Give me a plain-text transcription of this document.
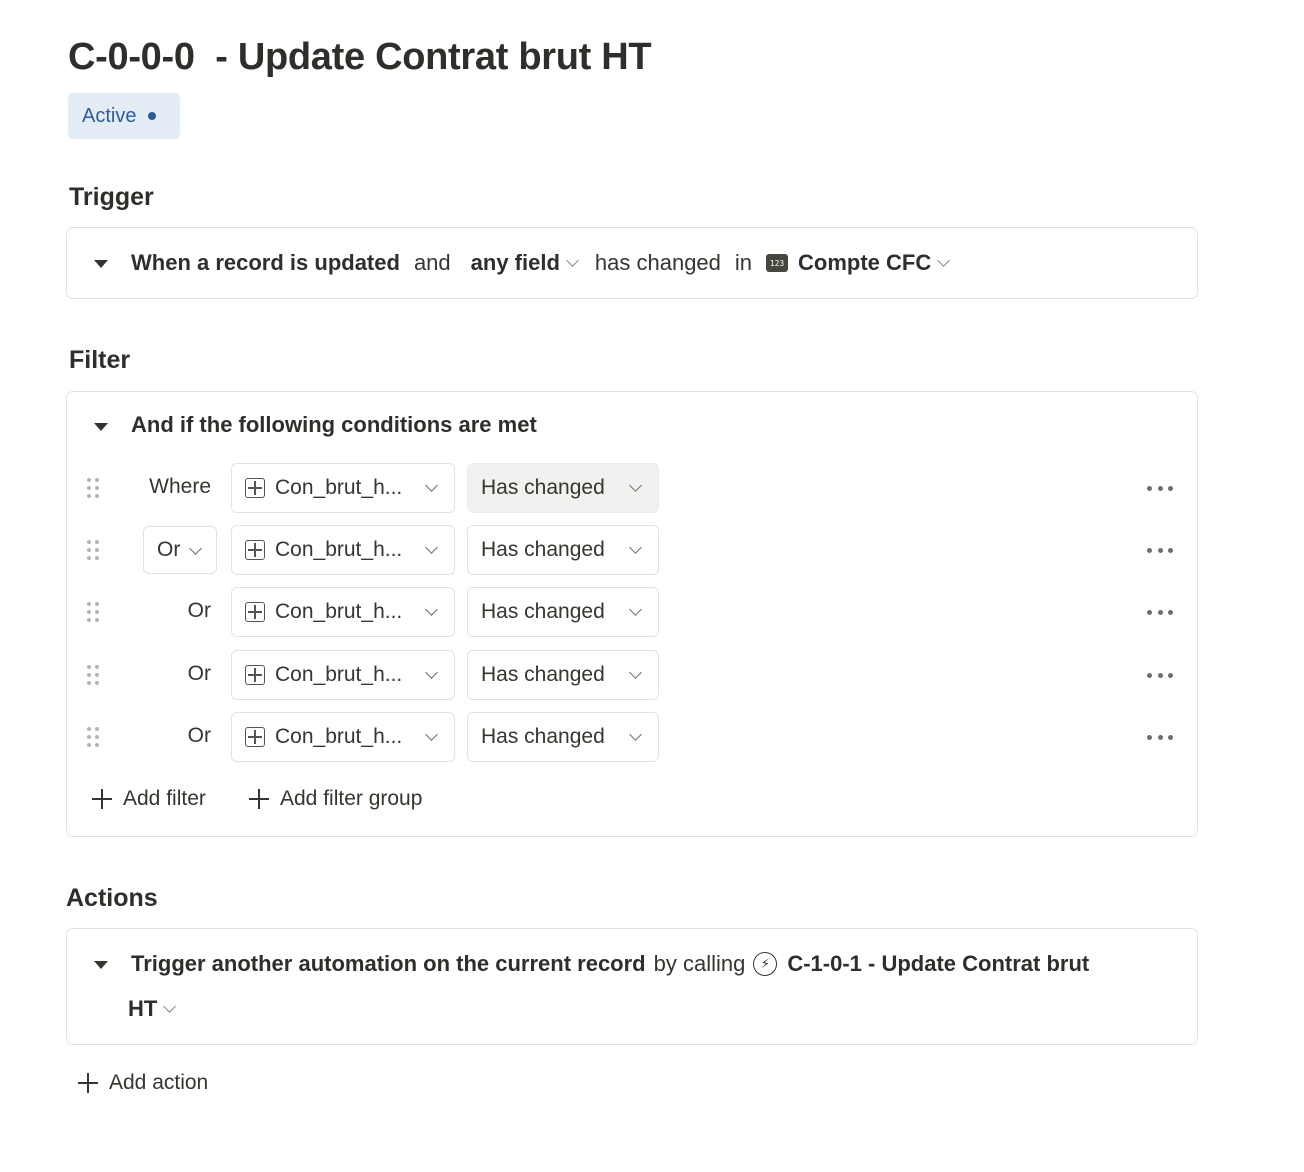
C-0-0-0  - Update Contrat brut HT
Active
Trigger
When a record is updated and any field has changed in	123 Compte CFC
Filter
And if the following conditions are met
Where	Con_brut_h...	Has changed
Or	Con_brut_h...	Has changed
Or	Con_brut_h...	Has changed
Or	Con_brut_h...	Has changed
Or	Con_brut_h...	Has changed
Add filter	Add filter group
Actions
Trigger another automation on the current record by calling	⚡︎ C-1-0-1 - Update Contrat brut
HT
Add action
